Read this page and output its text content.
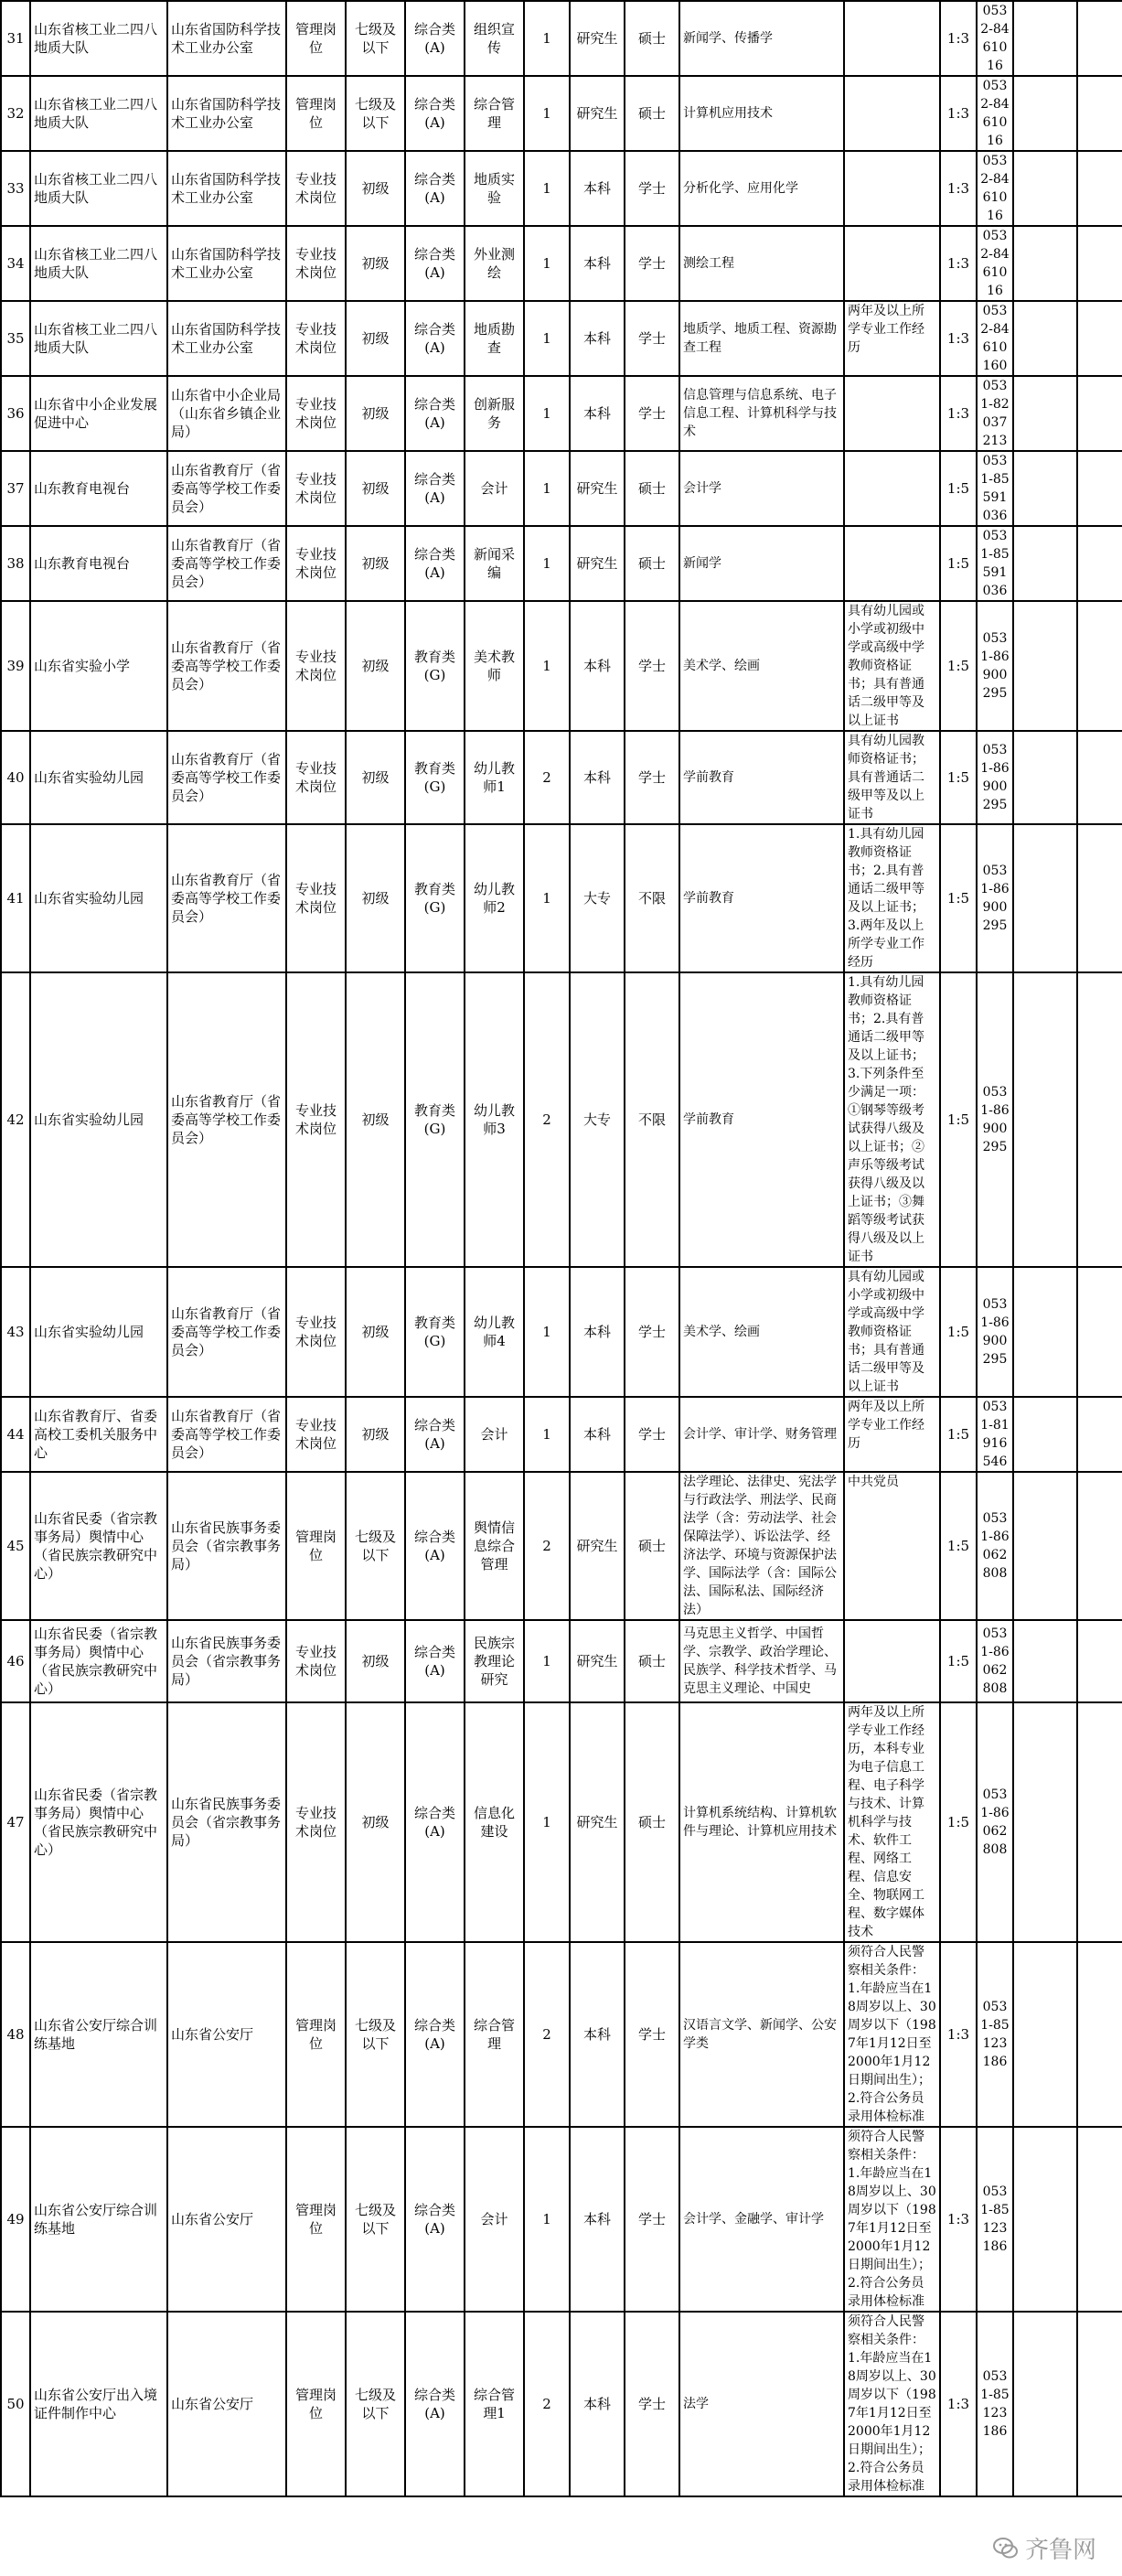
31	山东省核工业二四八地质大队	山东省国防科学技术工业办公室	管理岗位	七级及以下	综合类(A)	组织宣传	1	研究生	硕士	新闻学、传播学		1:3	0532-8461016		
32	山东省核工业二四八地质大队	山东省国防科学技术工业办公室	管理岗位	七级及以下	综合类(A)	综合管理	1	研究生	硕士	计算机应用技术		1:3	0532-8461016		
33	山东省核工业二四八地质大队	山东省国防科学技术工业办公室	专业技术岗位	初级	综合类(A)	地质实验	1	本科	学士	分析化学、应用化学		1:3	0532-8461016		
34	山东省核工业二四八地质大队	山东省国防科学技术工业办公室	专业技术岗位	初级	综合类(A)	外业测绘	1	本科	学士	测绘工程		1:3	0532-8461016		
35	山东省核工业二四八地质大队	山东省国防科学技术工业办公室	专业技术岗位	初级	综合类(A)	地质勘查	1	本科	学士	地质学、地质工程、资源勘查工程	两年及以上所学专业工作经历	1:3	0532-84610160		
36	山东省中小企业发展促进中心	山东省中小企业局（山东省乡镇企业局）	专业技术岗位	初级	综合类(A)	创新服务	1	本科	学士	信息管理与信息系统、电子信息工程、计算机科学与技术		1:3	0531-82037213		
37	山东教育电视台	山东省教育厅（省委高等学校工作委员会）	专业技术岗位	初级	综合类(A)	会计	1	研究生	硕士	会计学		1:5	0531-85591036		
38	山东教育电视台	山东省教育厅（省委高等学校工作委员会）	专业技术岗位	初级	综合类(A)	新闻采编	1	研究生	硕士	新闻学		1:5	0531-85591036		
39	山东省实验小学	山东省教育厅（省委高等学校工作委员会）	专业技术岗位	初级	教育类(G)	美术教师	1	本科	学士	美术学、绘画	具有幼儿园或小学或初级中学或高级中学教师资格证书；具有普通话二级甲等及以上证书	1:5	0531-86900295		
40	山东省实验幼儿园	山东省教育厅（省委高等学校工作委员会）	专业技术岗位	初级	教育类(G)	幼儿教师1	2	本科	学士	学前教育	具有幼儿园教师资格证书；具有普通话二级甲等及以上证书	1:5	0531-86900295		
41	山东省实验幼儿园	山东省教育厅（省委高等学校工作委员会）	专业技术岗位	初级	教育类(G)	幼儿教师2	1	大专	不限	学前教育	1.具有幼儿园教师资格证书；2.具有普通话二级甲等及以上证书；3.两年及以上所学专业工作经历	1:5	0531-86900295		
42	山东省实验幼儿园	山东省教育厅（省委高等学校工作委员会）	专业技术岗位	初级	教育类(G)	幼儿教师3	2	大专	不限	学前教育	1.具有幼儿园教师资格证书；2.具有普通话二级甲等及以上证书；3.下列条件至少满足一项：①钢琴等级考试获得八级及以上证书；②声乐等级考试获得八级及以上证书；③舞蹈等级考试获得八级及以上证书	1:5	0531-86900295		
43	山东省实验幼儿园	山东省教育厅（省委高等学校工作委员会）	专业技术岗位	初级	教育类(G)	幼儿教师4	1	本科	学士	美术学、绘画	具有幼儿园或小学或初级中学或高级中学教师资格证书；具有普通话二级甲等及以上证书	1:5	0531-86900295		
44	山东省教育厅、省委高校工委机关服务中心	山东省教育厅（省委高等学校工作委员会）	专业技术岗位	初级	综合类(A)	会计	1	本科	学士	会计学、审计学、财务管理	两年及以上所学专业工作经历	1:5	0531-81916546		
45	山东省民委（省宗教事务局）舆情中心（省民族宗教研究中心）	山东省民族事务委员会（省宗教事务局）	管理岗位	七级及以下	综合类(A)	舆情信息综合管理	2	研究生	硕士	法学理论、法律史、宪法学与行政法学、刑法学、民商法学（含：劳动法学、社会保障法学）、诉讼法学、经济法学、环境与资源保护法学、国际法学（含：国际公法、国际私法、国际经济法）	中共党员	1:5	0531-86062808		
46	山东省民委（省宗教事务局）舆情中心（省民族宗教研究中心）	山东省民族事务委员会（省宗教事务局）	专业技术岗位	初级	综合类(A)	民族宗教理论研究	1	研究生	硕士	马克思主义哲学、中国哲学、宗教学、政治学理论、民族学、科学技术哲学、马克思主义理论、中国史		1:5	0531-86062808		
47	山东省民委（省宗教事务局）舆情中心（省民族宗教研究中心）	山东省民族事务委员会（省宗教事务局）	专业技术岗位	初级	综合类(A)	信息化建设	1	研究生	硕士	计算机系统结构、计算机软件与理论、计算机应用技术	两年及以上所学专业工作经历，本科专业为电子信息工程、电子科学与技术、计算机科学与技术、软件工程、网络工程、信息安全、物联网工程、数字媒体技术	1:5	0531-86062808		
48	山东省公安厅综合训练基地	山东省公安厅	管理岗位	七级及以下	综合类(A)	综合管理	2	本科	学士	汉语言文学、新闻学、公安学类	须符合人民警察相关条件：1.年龄应当在18周岁以上、30周岁以下（1987年1月12日至2000年1月12日期间出生）；2.符合公务员录用体检标准	1:3	0531-85123186		
49	山东省公安厅综合训练基地	山东省公安厅	管理岗位	七级及以下	综合类(A)	会计	1	本科	学士	会计学、金融学、审计学	须符合人民警察相关条件：1.年龄应当在18周岁以上、30周岁以下（1987年1月12日至2000年1月12日期间出生）；2.符合公务员录用体检标准	1:3	0531-85123186		
50	山东省公安厅出入境证件制作中心	山东省公安厅	管理岗位	七级及以下	综合类(A)	综合管理1	2	本科	学士	法学	须符合人民警察相关条件：1.年龄应当在18周岁以上、30周岁以下（1987年1月12日至2000年1月12日期间出生）；2.符合公务员录用体检标准	1:3	0531-85123186		
齐鲁网
